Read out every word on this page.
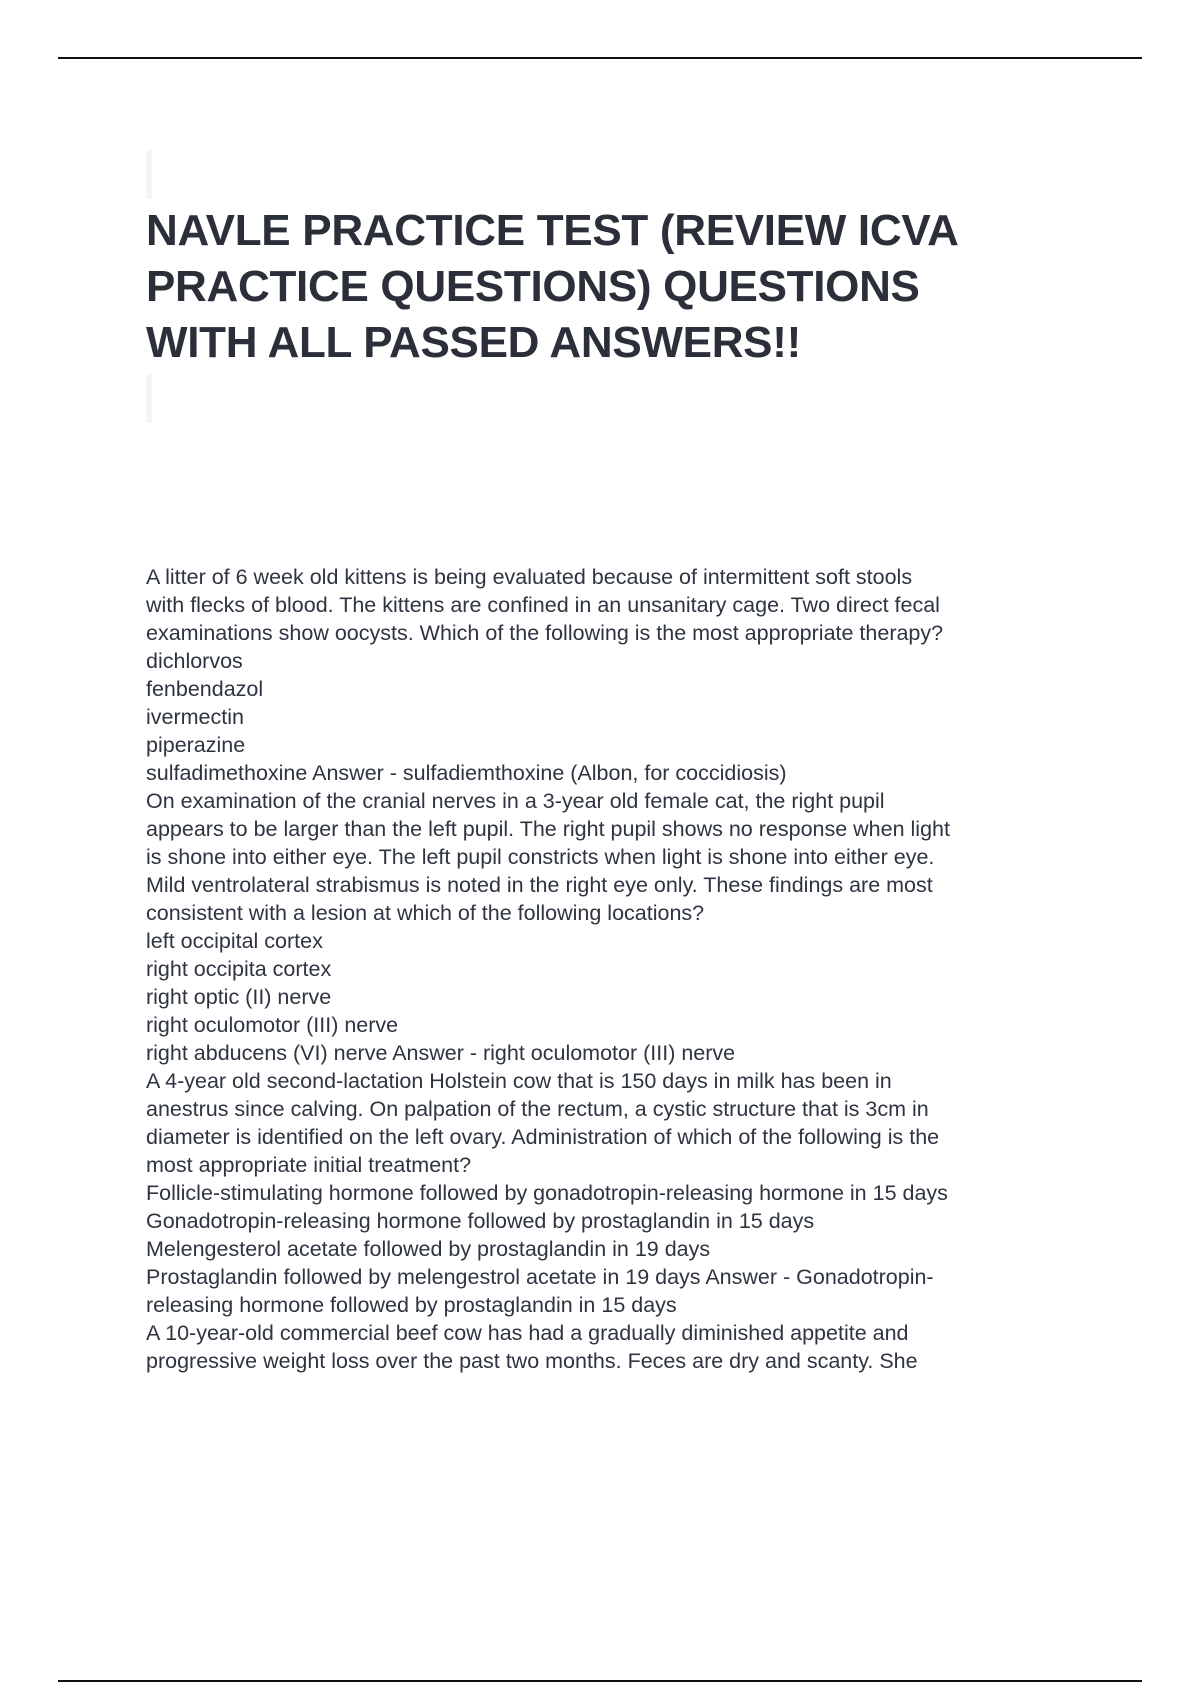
NAVLE PRACTICE TEST (REVIEW ICVA
PRACTICE QUESTIONS) QUESTIONS
WITH ALL PASSED ANSWERS!!

A litter of 6 week old kittens is being evaluated because of intermittent soft stools
with flecks of blood. The kittens are confined in an unsanitary cage. Two direct fecal
examinations show oocysts. Which of the following is the most appropriate therapy?

dichlorvos
fenbendazol
ivermectin
piperazine
sulfadimethoxine Answer - sulfadiemthoxine (Albon, for coccidiosis)

On examination of the cranial nerves in a 3-year old female cat, the right pupil
appears to be larger than the left pupil. The right pupil shows no response when light
is shone into either eye. The left pupil constricts when light is shone into either eye.
Mild ventrolateral strabismus is noted in the right eye only. These findings are most
consistent with a lesion at which of the following locations?

left occipital cortex
right occipita cortex
right optic (II) nerve
right oculomotor (III) nerve
right abducens (VI) nerve Answer - right oculomotor (III) nerve

A 4-year old second-lactation Holstein cow that is 150 days in milk has been in
anestrus since calving. On palpation of the rectum, a cystic structure that is 3cm in
diameter is identified on the left ovary. Administration of which of the following is the
most appropriate initial treatment?

Follicle-stimulating hormone followed by gonadotropin-releasing hormone in 15 days
Gonadotropin-releasing hormone followed by prostaglandin in 15 days
Melengesterol acetate followed by prostaglandin in 19 days
Prostaglandin followed by melengestrol acetate in 19 days Answer - Gonadotropin-
releasing hormone followed by prostaglandin in 15 days

A 10-year-old commercial beef cow has had a gradually diminished appetite and
progressive weight loss over the past two months. Feces are dry and scanty. She
